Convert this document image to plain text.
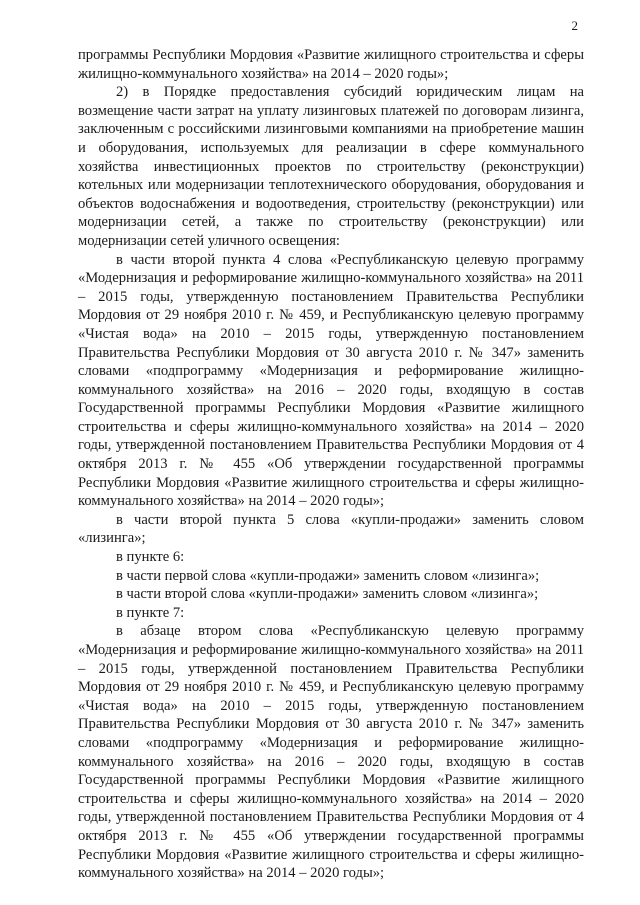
2

программы Республики Мордовия «Развитие жилищного строительства и сферы жилищно-коммунального хозяйства» на 2014 – 2020 годы»;

2) в Порядке предоставления субсидий юридическим лицам на возмещение части затрат на уплату лизинговых платежей по договорам лизинга, заключенным с российскими лизинговыми компаниями на приобретение машин и оборудования, используемых для реализации в сфере коммунального хозяйства инвестиционных проектов по строительству (реконструкции) котельных или модернизации теплотехнического оборудования, оборудования и объектов водоснабжения и водоотведения, строительству (реконструкции) или модернизации сетей, а также по строительству (реконструкции) или модернизации сетей уличного освещения:

в части второй пункта 4 слова «Республиканскую целевую программу «Модернизация и реформирование жилищно-коммунального хозяйства» на 2011 – 2015 годы, утвержденную постановлением Правительства Республики Мордовия от 29 ноября 2010 г. № 459, и Республиканскую целевую программу «Чистая вода» на 2010 – 2015 годы, утвержденную постановлением Правительства Республики Мордовия от 30 августа 2010 г. № 347» заменить словами «подпрограмму «Модернизация и реформирование жилищно-коммунального хозяйства» на 2016 – 2020 годы, входящую в состав Государственной программы Республики Мордовия «Развитие жилищного строительства и сферы жилищно-коммунального хозяйства» на 2014 – 2020 годы, утвержденной постановлением Правительства Республики Мордовия от 4 октября 2013 г. № 455 «Об утверждении государственной программы Республики Мордовия «Развитие жилищного строительства и сферы жилищно-коммунального хозяйства» на 2014 – 2020 годы»;

в части второй пункта 5 слова «купли-продажи» заменить словом «лизинга»;

в пункте 6:

в части первой слова «купли-продажи» заменить словом «лизинга»;

в части второй слова «купли-продажи» заменить словом «лизинга»;

в пункте 7:

в абзаце втором слова «Республиканскую целевую программу «Модернизация и реформирование жилищно-коммунального хозяйства» на 2011 – 2015 годы, утвержденной постановлением Правительства Республики Мордовия от 29 ноября 2010 г. № 459, и Республиканскую целевую программу «Чистая вода» на 2010 – 2015 годы, утвержденную постановлением Правительства Республики Мордовия от 30 августа 2010 г. № 347» заменить словами «подпрограмму «Модернизация и реформирование жилищно-коммунального хозяйства» на 2016 – 2020 годы, входящую в состав Государственной программы Республики Мордовия «Развитие жилищного строительства и сферы жилищно-коммунального хозяйства» на 2014 – 2020 годы, утвержденной постановлением Правительства Республики Мордовия от 4 октября 2013 г. № 455 «Об утверждении государственной программы Республики Мордовия «Развитие жилищного строительства и сферы жилищно-коммунального хозяйства» на 2014 – 2020 годы»;
